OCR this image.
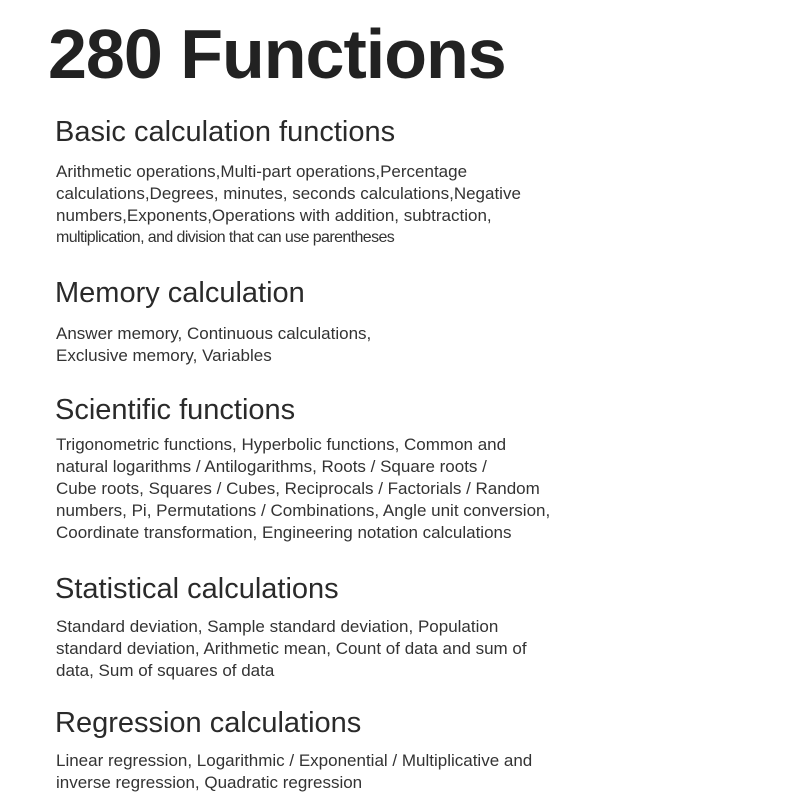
280 Functions
Basic calculation functions

Arithmetic operations,Multi-part operations,Percentage
calculations,Degrees, minutes, seconds calculations,Negative
numbers,Exponents,Operations with addition, subtraction,
multiplication, and division that can use parentheses

Memory calculation

Answer memory, Continuous calculations,
Exclusive memory, Variables

Scientific functions

Trigonometric functions, Hyperbolic functions, Common and
natural logarithms / Antilogarithms, Roots / Square roots /
Cube roots, Squares / Cubes, Reciprocals / Factorials / Random
numbers, Pi, Permutations / Combinations, Angle unit conversion,
Coordinate transformation, Engineering notation calculations

Statistical calculations

Standard deviation, Sample standard deviation, Population
standard deviation, Arithmetic mean, Count of data and sum of
data, Sum of squares of data

Regression calculations

Linear regression, Logarithmic / Exponential / Multiplicative and
inverse regression, Quadratic regression
